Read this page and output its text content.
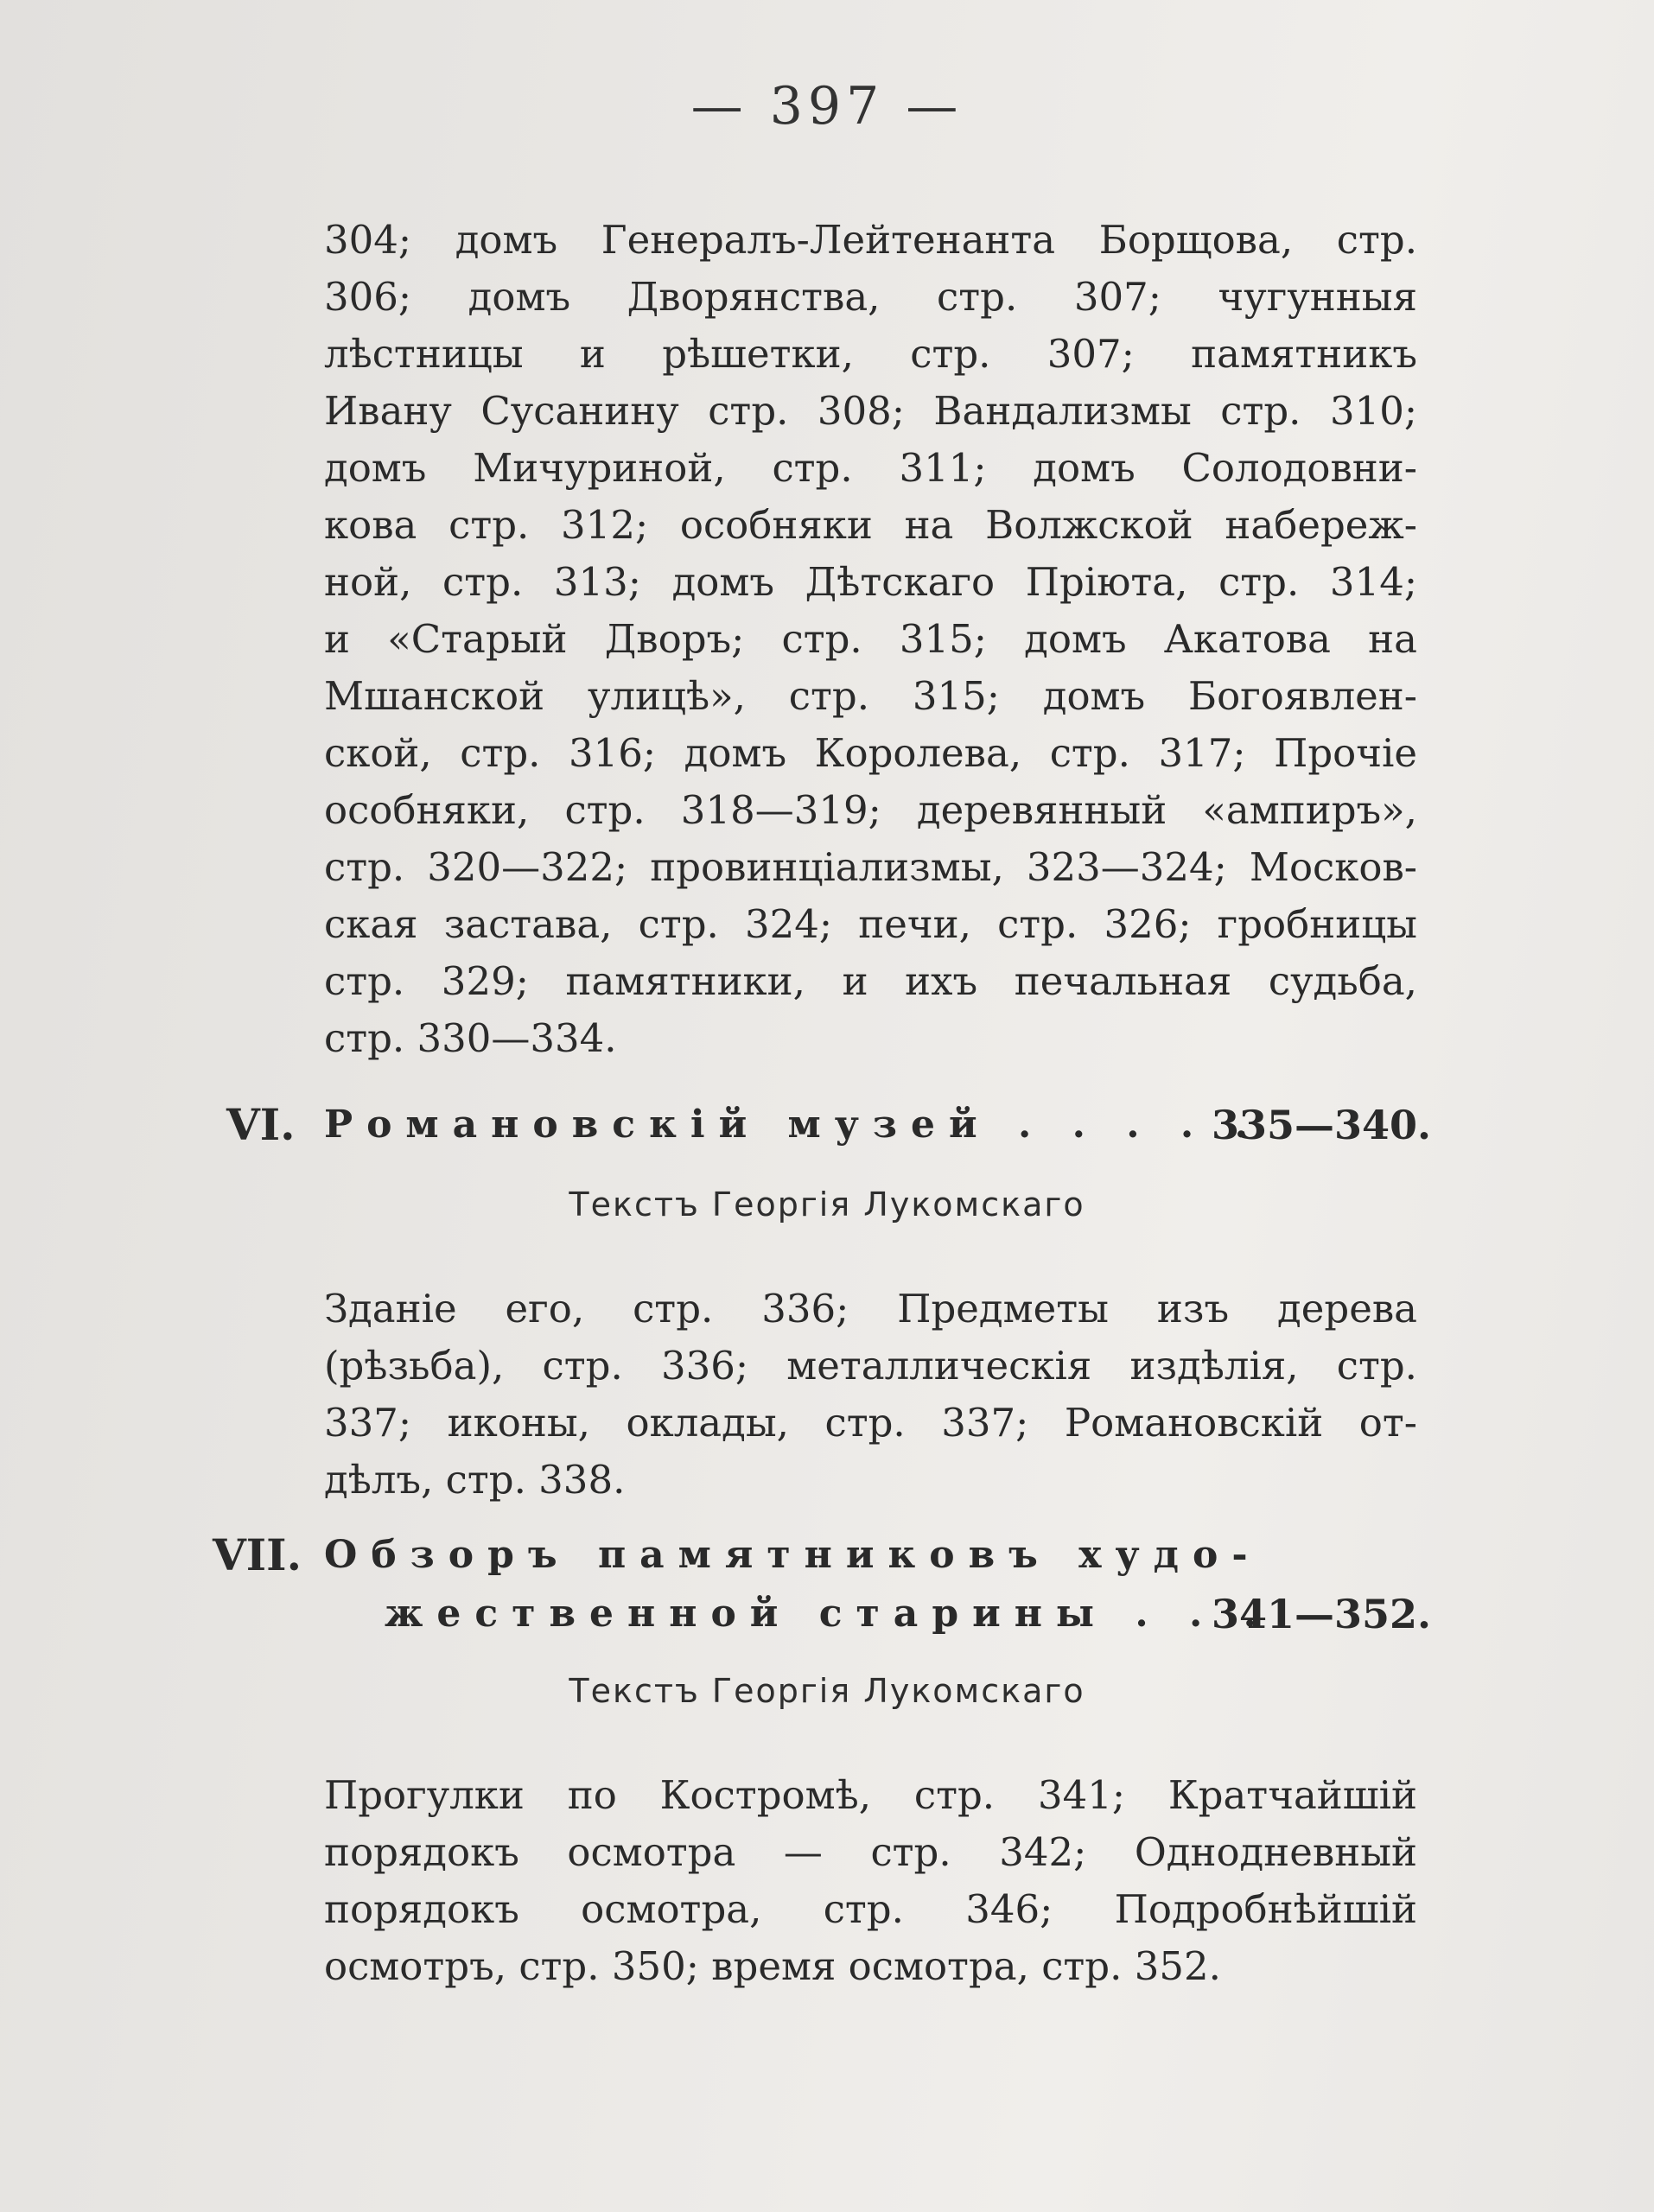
— 397 —
304; домъ Генералъ-Лейтенанта Борщова, стр.
306; домъ Дворянства, стр. 307; чугунныя
лѣстницы и рѣшетки, стр. 307; памятникъ
Ивану Сусанину стр. 308; Вандализмы стр. 310;
домъ Мичуриной, стр. 311; домъ Солодовни-
кова стр. 312; особняки на Волжской набереж-
ной, стр. 313; домъ Дѣтскаго Пріюта, стр. 314;
и «Старый Дворъ; стр. 315; домъ Акатова на
Мшанской улицѣ», стр. 315; домъ Богоявлен-
ской, стр. 316; домъ Королева, стр. 317; Прочіе
особняки, стр. 318—319; деревянный «ампиръ»,
стр. 320—322; провинціализмы, 323—324; Москов-
ская застава, стр. 324; печи, стр. 326; гробницы
стр. 329; памятники, и ихъ печальная судьба,
стр. 330—334.
VI. Романовскій музей . . . . .
335—340.
Текстъ Георгія Лукомскаго
Зданіе его, стр. 336; Предметы изъ дерева
(рѣзьба), стр. 336; металлическія издѣлія, стр.
337; иконы, оклады, стр. 337; Романовскій от-
дѣлъ, стр. 338.
VII. Обзоръ памятниковъ худо-
жественной старины . . .
341—352.
Текстъ Георгія Лукомскаго
Прогулки по Костромѣ, стр. 341; Кратчайшій
порядокъ осмотра — стр. 342; Однодневный
порядокъ осмотра, стр. 346; Подробнѣйшій
осмотръ, стр. 350; время осмотра, стр. 352.
